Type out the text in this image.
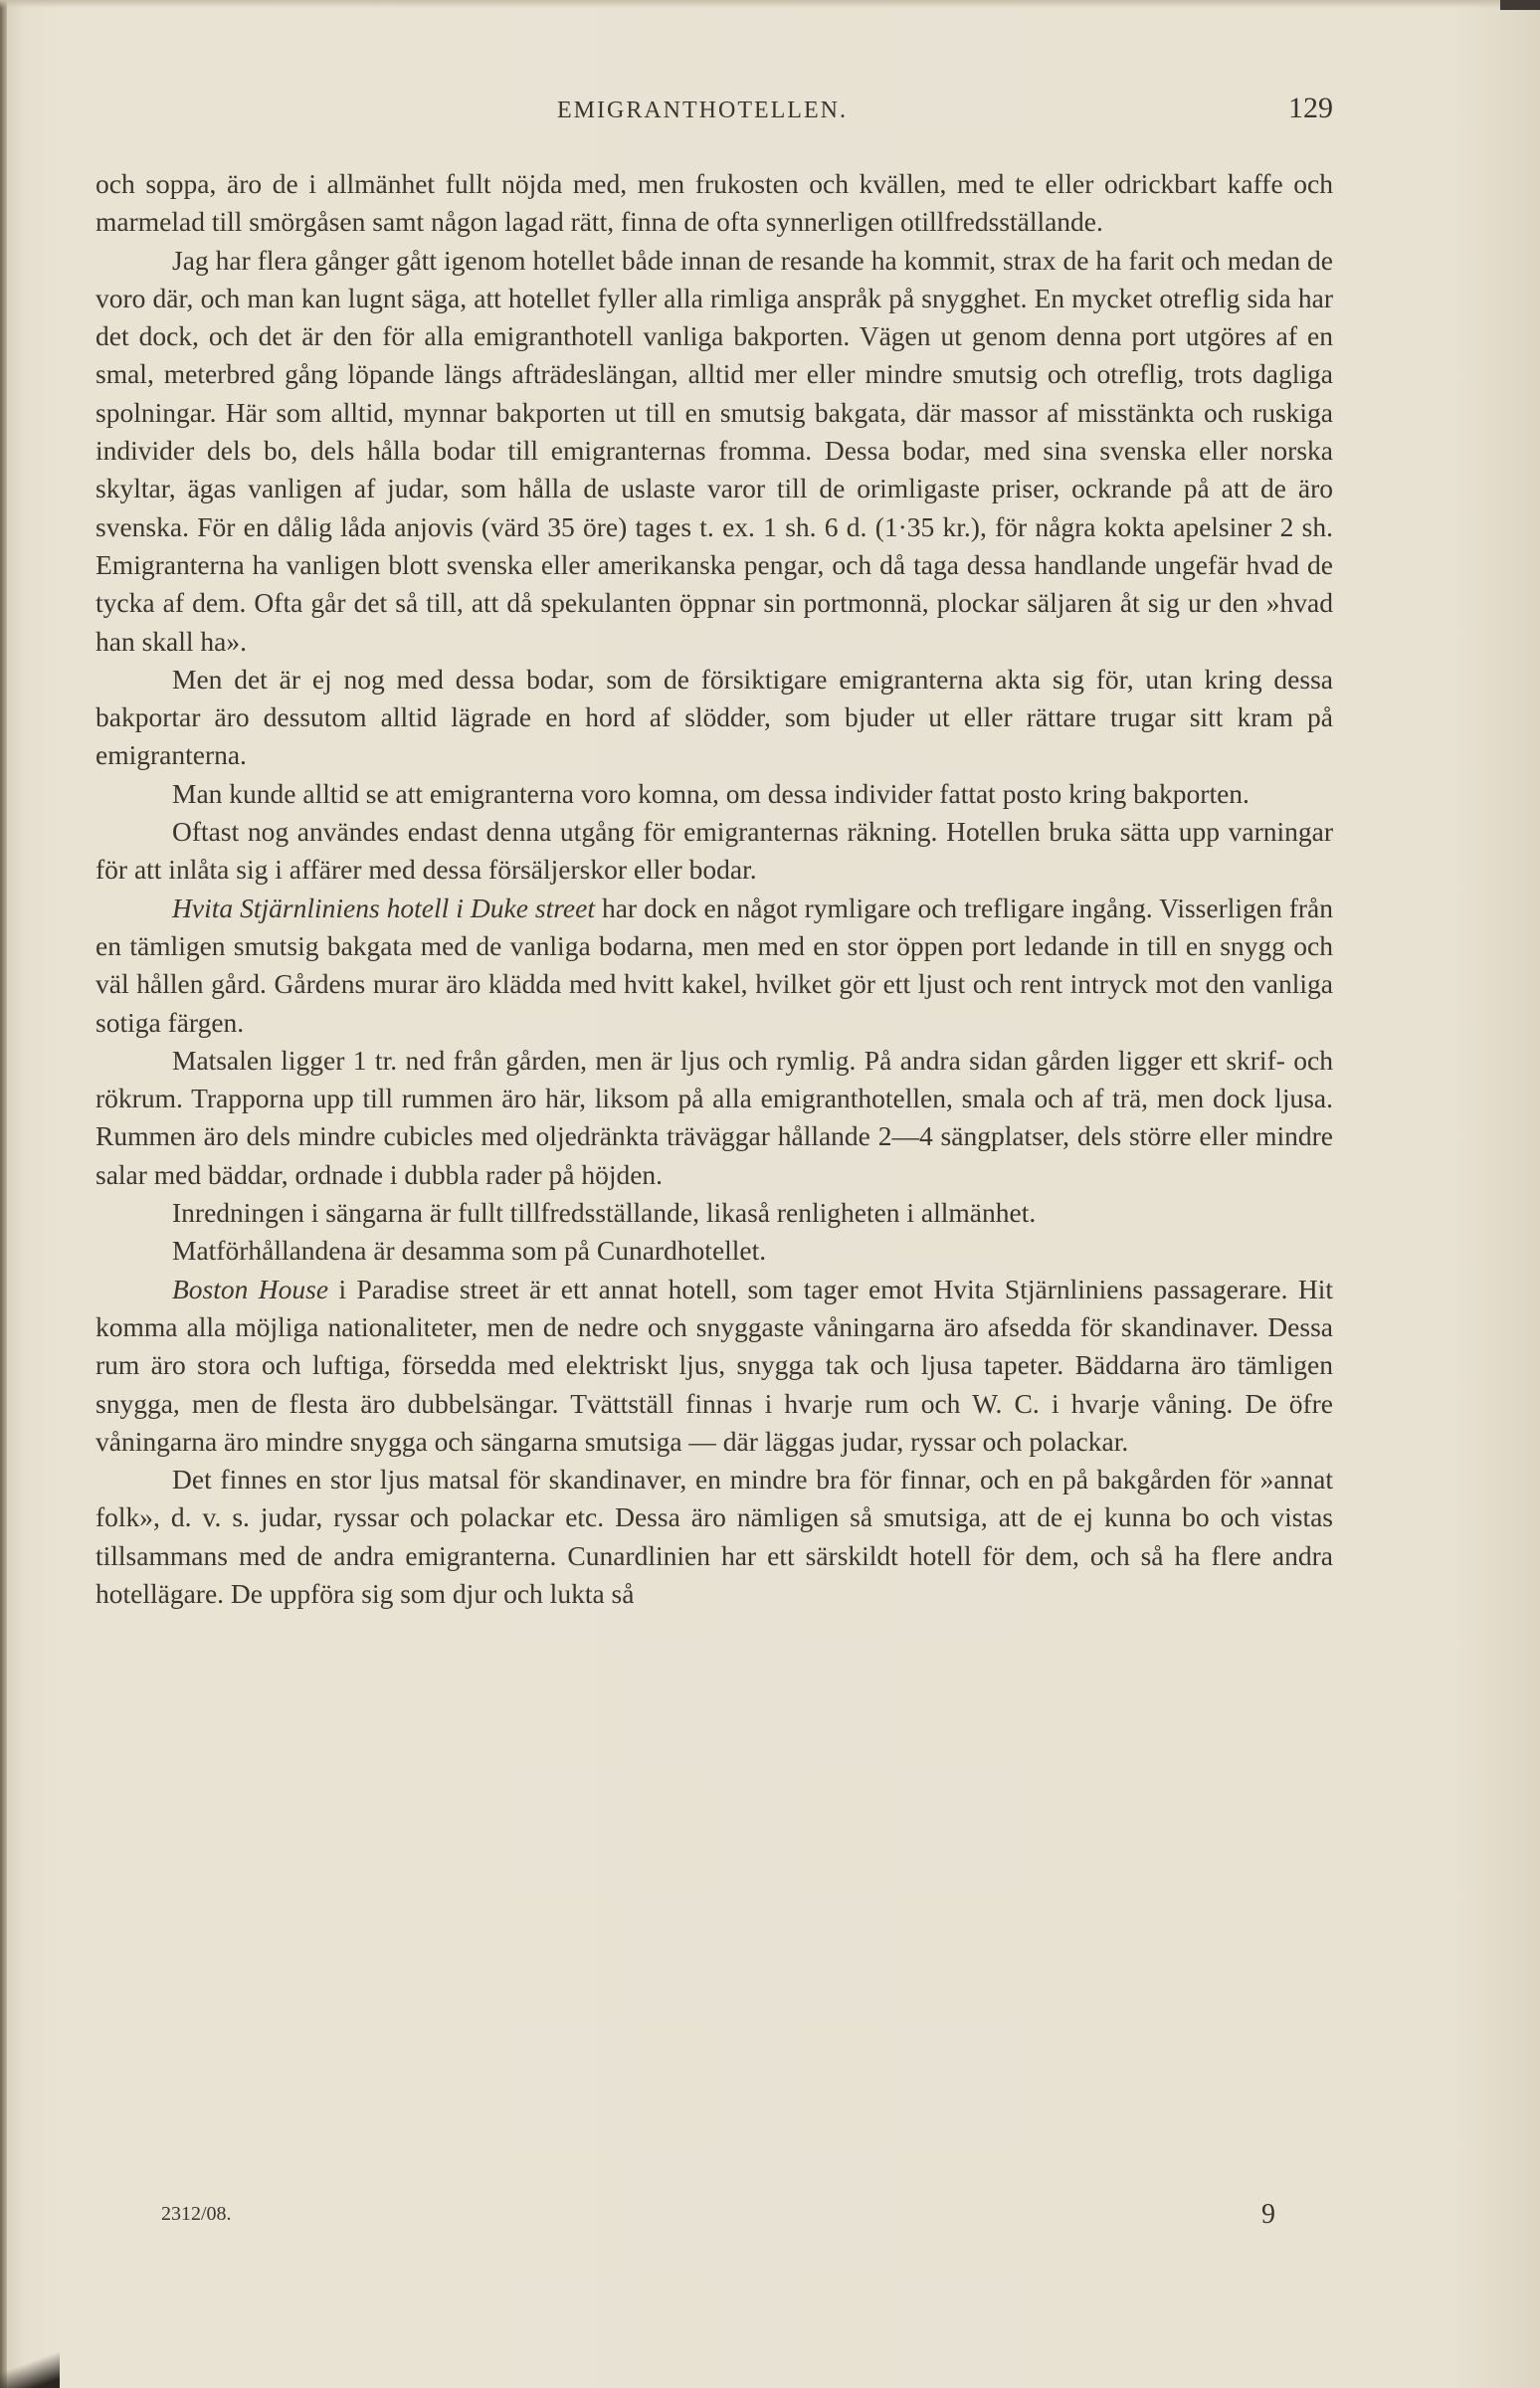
EMIGRANTHOTELLEN.	129

och soppa, äro de i allmänhet fullt nöjda med, men frukosten och kvällen, med te eller odrickbart kaffe och marmelad till smörgåsen samt någon lagad rätt, finna de ofta synnerligen otillfredsställande.

Jag har flera gånger gått igenom hotellet både innan de resande ha kommit, strax de ha farit och medan de voro där, och man kan lugnt säga, att hotellet fyller alla rimliga anspråk på snygghet. En mycket otreflig sida har det dock, och det är den för alla emigranthotell vanliga bakporten. Vägen ut genom denna port utgöres af en smal, meterbred gång löpande längs afträdeslängan, alltid mer eller mindre smutsig och otreflig, trots dagliga spolningar. Här som alltid, mynnar bakporten ut till en smutsig bakgata, där massor af misstänkta och ruskiga individer dels bo, dels hålla bodar till emigranternas fromma. Dessa bodar, med sina svenska eller norska skyltar, ägas vanligen af judar, som hålla de uslaste varor till de orimligaste priser, ockrande på att de äro svenska. För en dålig låda anjovis (värd 35 öre) tages t. ex. 1 sh. 6 d. (1·35 kr.), för några kokta apelsiner 2 sh. Emigranterna ha vanligen blott svenska eller amerikanska pengar, och då taga dessa handlande ungefär hvad de tycka af dem. Ofta går det så till, att då spekulanten öppnar sin portmonnä, plockar säljaren åt sig ur den »hvad han skall ha».

Men det är ej nog med dessa bodar, som de försiktigare emigranterna akta sig för, utan kring dessa bakportar äro dessutom alltid lägrade en hord af slödder, som bjuder ut eller rättare trugar sitt kram på emigranterna.

Man kunde alltid se att emigranterna voro komna, om dessa individer fattat posto kring bakporten.

Oftast nog användes endast denna utgång för emigranternas räkning. Hotellen bruka sätta upp varningar för att inlåta sig i affärer med dessa försäljerskor eller bodar.

Hvita Stjärnliniens hotell i Duke street har dock en något rymligare och trefligare ingång. Visserligen från en tämligen smutsig bakgata med de vanliga bodarna, men med en stor öppen port ledande in till en snygg och väl hållen gård. Gårdens murar äro klädda med hvitt kakel, hvilket gör ett ljust och rent intryck mot den vanliga sotiga färgen.

Matsalen ligger 1 tr. ned från gården, men är ljus och rymlig. På andra sidan gården ligger ett skrif- och rökrum. Trapporna upp till rummen äro här, liksom på alla emigranthotellen, smala och af trä, men dock ljusa. Rummen äro dels mindre cubicles med oljedränkta träväggar hållande 2—4 sängplatser, dels större eller mindre salar med bäddar, ordnade i dubbla rader på höjden.

Inredningen i sängarna är fullt tillfredsställande, likaså renligheten i allmänhet.

Matförhållandena är desamma som på Cunardhotellet.

Boston House i Paradise street är ett annat hotell, som tager emot Hvita Stjärnliniens passagerare. Hit komma alla möjliga nationaliteter, men de nedre och snyggaste våningarna äro afsedda för skandinaver. Dessa rum äro stora och luftiga, försedda med elektriskt ljus, snygga tak och ljusa tapeter. Bäddarna äro tämligen snygga, men de flesta äro dubbelsängar. Tvättställ finnas i hvarje rum och W. C. i hvarje våning. De öfre våningarna äro mindre snygga och sängarna smutsiga — där läggas judar, ryssar och polackar.

Det finnes en stor ljus matsal för skandinaver, en mindre bra för finnar, och en på bakgården för »annat folk», d. v. s. judar, ryssar och polackar etc. Dessa äro nämligen så smutsiga, att de ej kunna bo och vistas tillsammans med de andra emigranterna. Cunardlinien har ett särskildt hotell för dem, och så ha flere andra hotellägare. De uppföra sig som djur och lukta så

2312/08.	9
